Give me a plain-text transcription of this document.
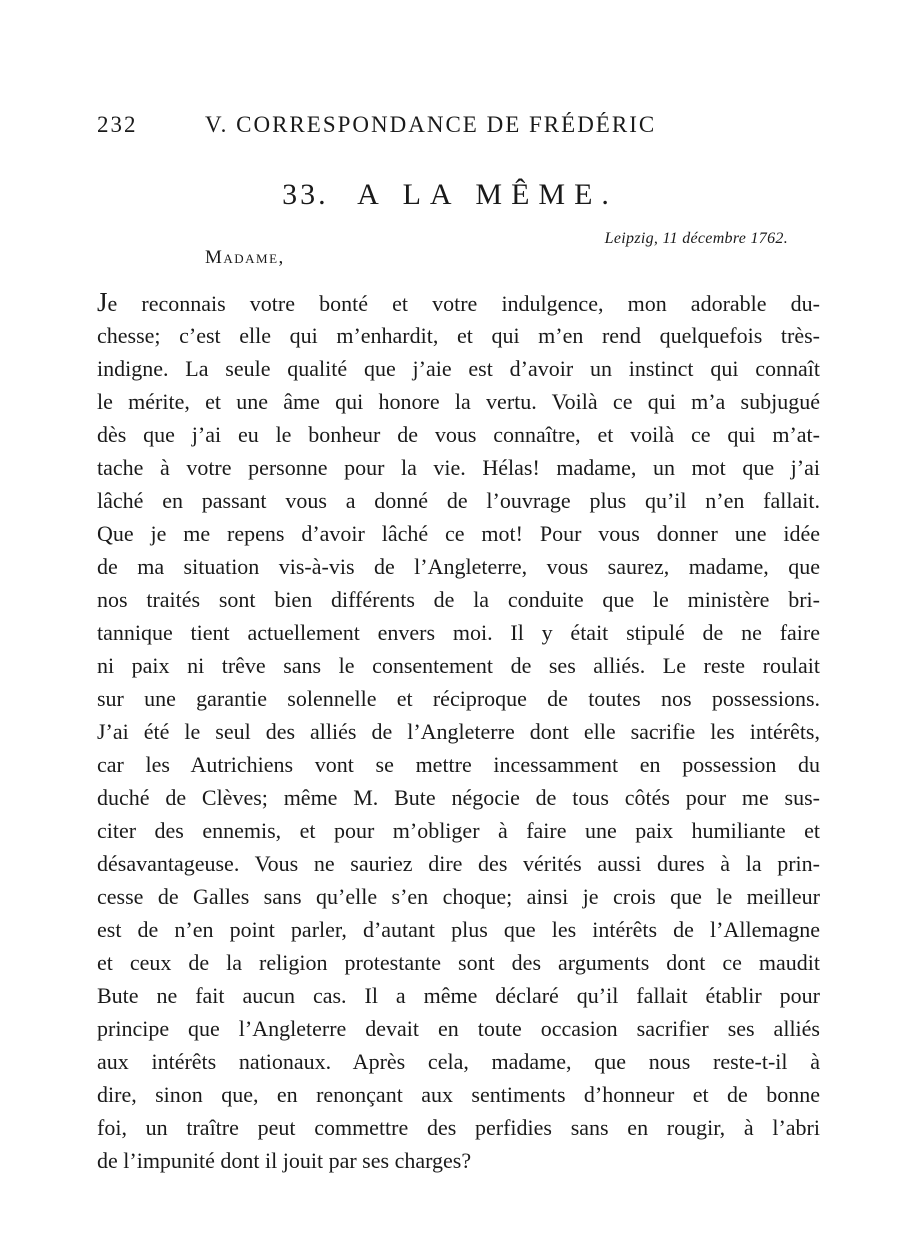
232	V. CORRESPONDANCE DE FRÉDÉRIC
33. A LA MÊME.
Leipzig, 11 décembre 1762.
Madame,
Je reconnais votre bonté et votre indulgence, mon adorable du-
chesse; c’est elle qui m’enhardit, et qui m’en rend quelquefois très-
indigne. La seule qualité que j’aie est d’avoir un instinct qui connaît
le mérite, et une âme qui honore la vertu. Voilà ce qui m’a subjugué
dès que j’ai eu le bonheur de vous connaître, et voilà ce qui m’at-
tache à votre personne pour la vie. Hélas! madame, un mot que j’ai
lâché en passant vous a donné de l’ouvrage plus qu’il n’en fallait.
Que je me repens d’avoir lâché ce mot! Pour vous donner une idée
de ma situation vis-à-vis de l’Angleterre, vous saurez, madame, que
nos traités sont bien différents de la conduite que le ministère bri-
tannique tient actuellement envers moi. Il y était stipulé de ne faire
ni paix ni trêve sans le consentement de ses alliés. Le reste roulait
sur une garantie solennelle et réciproque de toutes nos possessions.
J’ai été le seul des alliés de l’Angleterre dont elle sacrifie les intérêts,
car les Autrichiens vont se mettre incessamment en possession du
duché de Clèves; même M. Bute négocie de tous côtés pour me sus-
citer des ennemis, et pour m’obliger à faire une paix humiliante et
désavantageuse. Vous ne sauriez dire des vérités aussi dures à la prin-
cesse de Galles sans qu’elle s’en choque; ainsi je crois que le meilleur
est de n’en point parler, d’autant plus que les intérêts de l’Allemagne
et ceux de la religion protestante sont des arguments dont ce maudit
Bute ne fait aucun cas. Il a même déclaré qu’il fallait établir pour
principe que l’Angleterre devait en toute occasion sacrifier ses alliés
aux intérêts nationaux. Après cela, madame, que nous reste-t-il à
dire, sinon que, en renonçant aux sentiments d’honneur et de bonne
foi, un traître peut commettre des perfidies sans en rougir, à l’abri
de l’impunité dont il jouit par ses charges?
